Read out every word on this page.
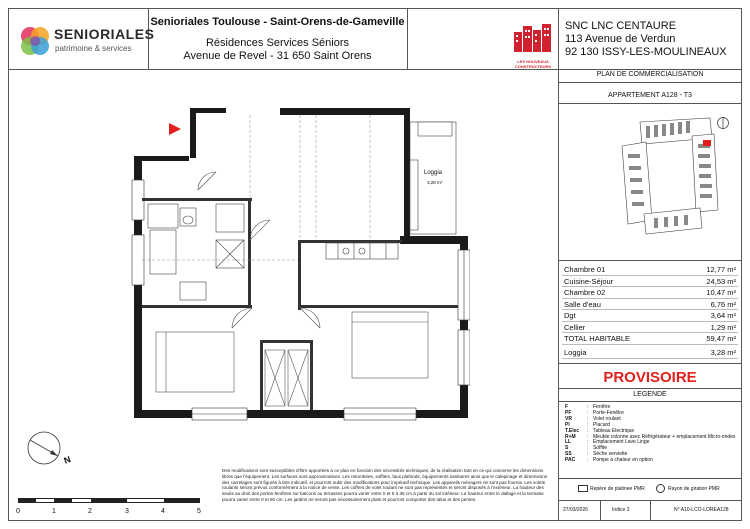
SENIORIALES
patrimoine & services
Senioriales Toulouse - Saint-Orens-de-Gameville
Résidences Services Séniors
Avenue de Revel - 31 650 Saint Orens	LES NOUVEAUX CONSTRUCTEURS
SNC LNC CENTAURE
113 Avenue de Verdun
92 130 ISSY-LES-MOULINEAUX
PLAN DE COMMERCIALISATION
APPARTEMENT A128 - T3
Chambre 01	12,77 m²
Cuisine-Séjour	24,53 m²
Chambre 02	10,47 m²
Salle d'eau	6,76 m²
Dgt	3,64 m²
Cellier	1,29 m²
TOTAL HABITABLE	59,47 m²
Loggia	3,28 m²
PROVISOIRE
LEGENDE
F	: Fenêtre
PF	: Porte-Fenêtre
VR	: Volet roulant
Pl	: Placard
T.Elec	: Tableau Electrique
R+M	: Meuble colonne avec Réfrigérateur + emplacement Micro-ondes
LL	: Emplacement Lave Linge
S	: Soffite
SS	: Sèche serviette
PAC	: Pompe à chaleur en option
Repère de platinee PMR	Rayon de giration PMR
27/03/2026	Indice 2	N° A10-LCO-LOREA128
Des modifications sont susceptibles d'être apportées à ce plan en fonction des nécessités techniques, de la réalisation tant en ce qui concerne les dimensions libres que l'équipement. Les surfaces sont approximatives. Les retombées, soffites, faux plafonds, équipements sanitaires ainsi que le calepinage et dimensions des carrelages sont figurés à titre indicatif, et pourront subir des modifications pour impératif technique. Les appareils ménagers ne sont pas fournis. Les volets roulants seront prévus conformément à la notice de vente. Les coffres de volet roulant ne sont pas représentés et seront disposés à l'extérieur. La hauteur des seuils au droit des portes-fenêtres sur balcons ou terrasses pourra varier entre 0 et 5 à 35 cm à partir du sol intérieur. La hauteur entre le dallage et la terrasse pourra varier entre 0 et 60 cm. Les jardins ne seront pas nécessairement plats et pourront comporter des talus et des pentes.
0	1	2	3	4	5
N
Loggia
3,28 m²
